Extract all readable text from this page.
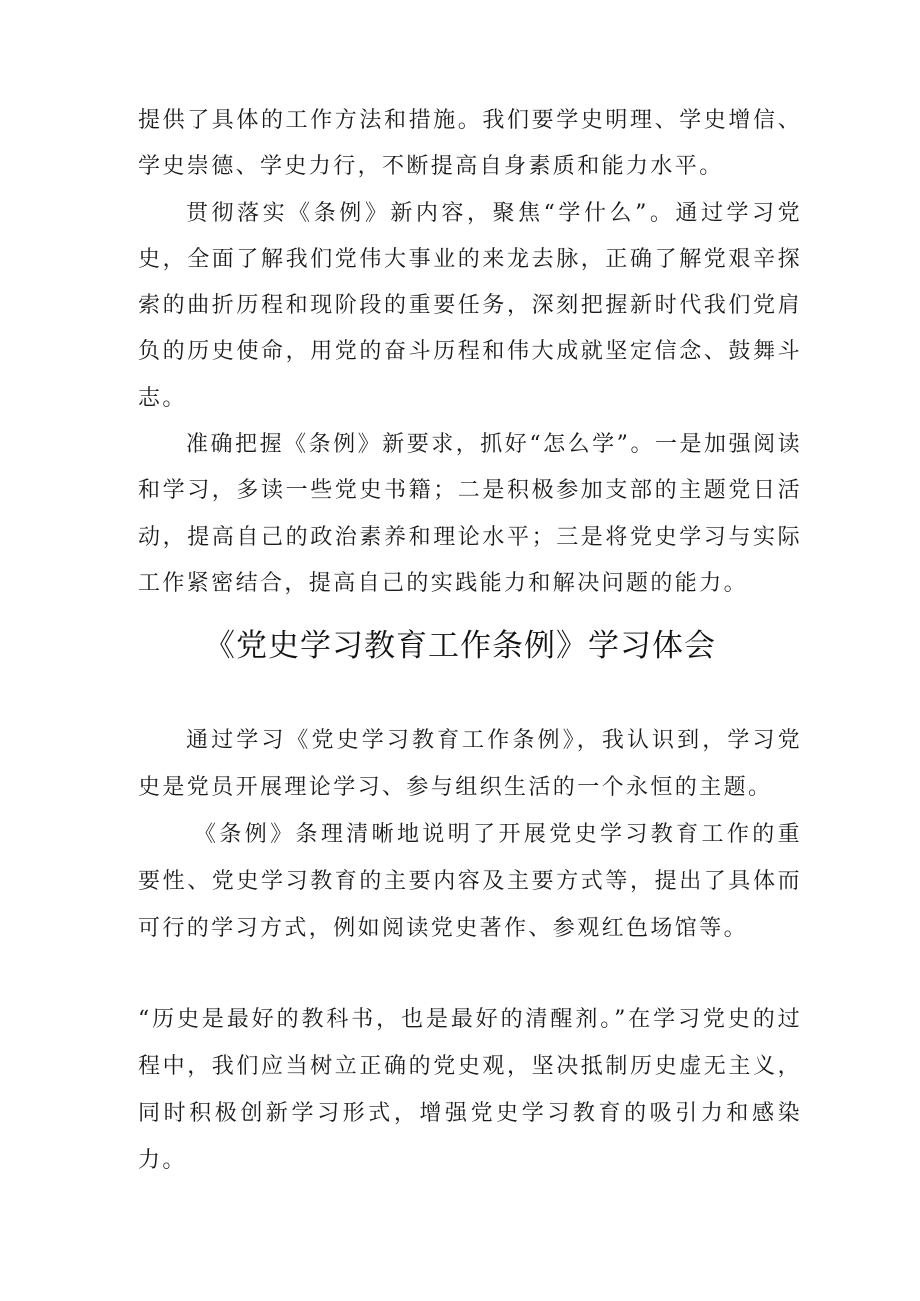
提供了具体的工作方法和措施。我们要学史明理、学史增信、学史崇德、学史力行，不断提高自身素质和能力水平。

贯彻落实《条例》新内容，聚焦“学什么”。通过学习党史，全面了解我们党伟大事业的来龙去脉，正确了解党艰辛探索的曲折历程和现阶段的重要任务，深刻把握新时代我们党肩负的历史使命，用党的奋斗历程和伟大成就坚定信念、鼓舞斗志。

准确把握《条例》新要求，抓好“怎么学”。一是加强阅读和学习，多读一些党史书籍；二是积极参加支部的主题党日活动，提高自己的政治素养和理论水平；三是将党史学习与实际工作紧密结合，提高自己的实践能力和解决问题的能力。

《党史学习教育工作条例》学习体会

通过学习《党史学习教育工作条例》，我认识到，学习党史是党员开展理论学习、参与组织生活的一个永恒的主题。

《条例》条理清晰地说明了开展党史学习教育工作的重要性、党史学习教育的主要内容及主要方式等，提出了具体而可行的学习方式，例如阅读党史著作、参观红色场馆等。

“历史是最好的教科书，也是最好的清醒剂。”在学习党史的过程中，我们应当树立正确的党史观，坚决抵制历史虚无主义，同时积极创新学习形式，增强党史学习教育的吸引力和感染力。
